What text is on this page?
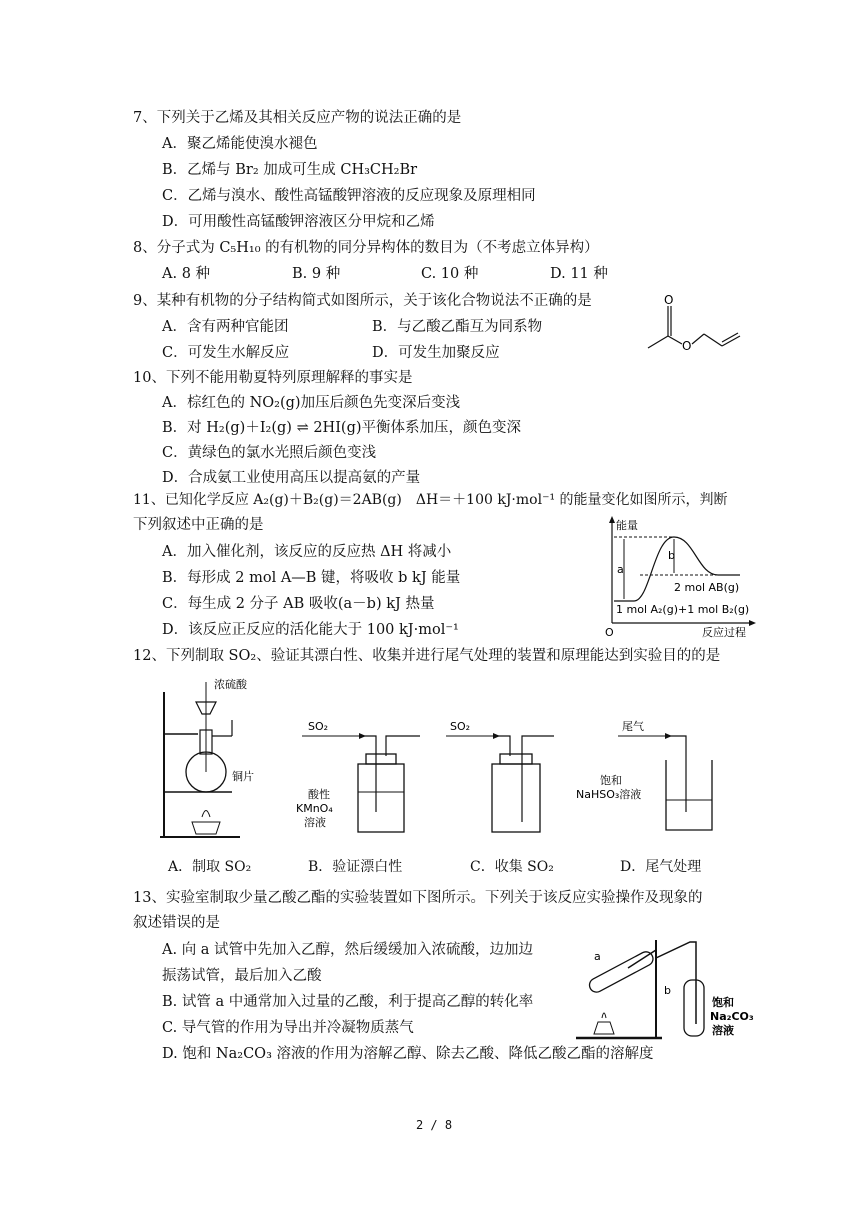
7、下列关于乙烯及其相关反应产物的说法正确的是
A．聚乙烯能使溴水褪色
B．乙烯与 Br₂ 加成可生成 CH₃CH₂Br
C．乙烯与溴水、酸性高锰酸钾溶液的反应现象及原理相同
D．可用酸性高锰酸钾溶液区分甲烷和乙烯
8、分子式为 C₅H₁₀ 的有机物的同分异构体的数目为（不考虑立体异构）
A. 8 种	B. 9 种	C. 10 种	D. 11 种
9、某种有机物的分子结构简式如图所示，关于该化合物说法不正确的是
A．含有两种官能团	B．与乙酸乙酯互为同系物
C．可发生水解反应	D．可发生加聚反应
O
O
10、下列不能用勒夏特列原理解释的事实是
A．棕红色的 NO₂(g)加压后颜色先变深后变浅
B．对 H₂(g)＋I₂(g) ⇌ 2HI(g)平衡体系加压，颜色变深
C．黄绿色的氯水光照后颜色变浅
D．合成氨工业使用高压以提高氨的产量
11、已知化学反应 A₂(g)＋B₂(g)＝2AB(g)　ΔH＝＋100 kJ·mol⁻¹ 的能量变化如图所示，判断
下列叙述中正确的是
A．加入催化剂，该反应的反应热 ΔH 将减小
B．每形成 2 mol A—B 键，将吸收 b kJ 能量
C．每生成 2 分子 AB 吸收(a－b) kJ 热量
D．该反应正反应的活化能大于 100 kJ·mol⁻¹
能量
反应过程
O
a
b
2 mol AB(g)
1 mol A₂(g)+1 mol B₂(g)
12、下列制取 SO₂、验证其漂白性、收集并进行尾气处理的装置和原理能达到实验目的的是
浓硫酸
铜片
SO₂
酸性
KMnO₄
溶液
SO₂	尾气
饱和
NaHSO₃溶液
A．制取 SO₂	B．验证漂白性	C．收集 SO₂	D．尾气处理
13、实验室制取少量乙酸乙酯的实验装置如下图所示。下列关于该反应实验操作及现象的
叙述错误的是
A. 向 a 试管中先加入乙醇，然后缓缓加入浓硫酸，边加边
振荡试管，最后加入乙酸
B. 试管 a 中通常加入过量的乙酸，利于提高乙醇的转化率
C. 导气管的作用为导出并冷凝物质蒸气
D. 饱和 Na₂CO₃ 溶液的作用为溶解乙醇、除去乙酸、降低乙酸乙酯的溶解度
a
b
饱和
Na₂CO₃
溶液
2 / 8
